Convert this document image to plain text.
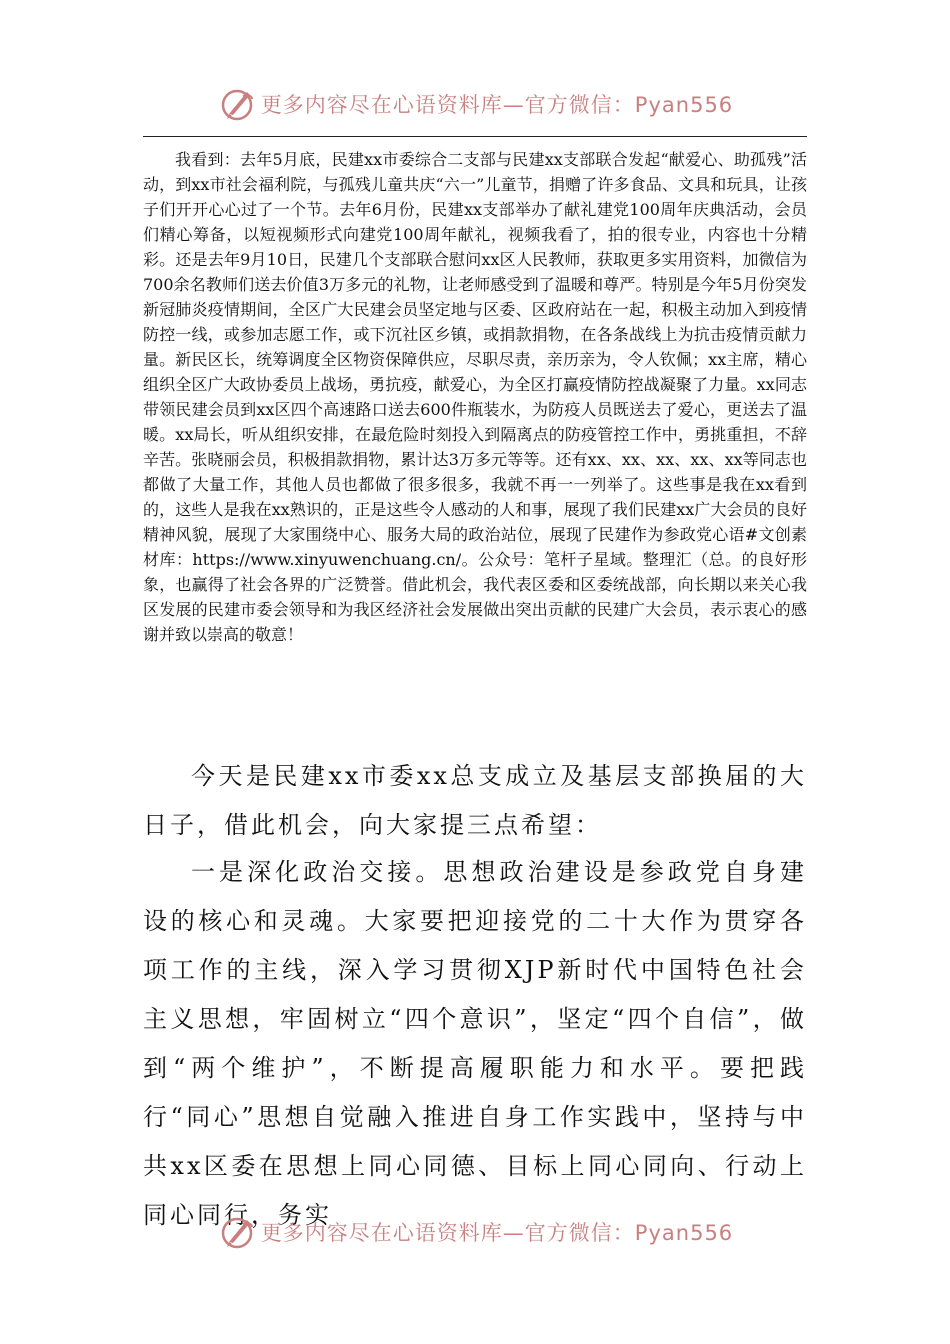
更多内容尽在心语资料库—官方微信：Pyan556

我看到：去年5月底，民建xx市委综合二支部与民建xx支部联合发起“献爱心、助孤残”活动，到xx市社会福利院，与孤残儿童共庆“六一”儿童节，捐赠了许多食品、文具和玩具，让孩子们开开心心过了一个节。去年6月份，民建xx支部举办了献礼建党100周年庆典活动，会员们精心筹备，以短视频形式向建党100周年献礼，视频我看了，拍的很专业，内容也十分精彩。还是去年9月10日，民建几个支部联合慰问xx区人民教师，获取更多实用资料，加微信为700余名教师们送去价值3万多元的礼物，让老师感受到了温暖和尊严。特别是今年5月份突发新冠肺炎疫情期间，全区广大民建会员坚定地与区委、区政府站在一起，积极主动加入到疫情防控一线，或参加志愿工作，或下沉社区乡镇，或捐款捐物，在各条战线上为抗击疫情贡献力量。新民区长，统筹调度全区物资保障供应，尽职尽责，亲历亲为，令人钦佩；xx主席，精心组织全区广大政协委员上战场，勇抗疫，献爱心，为全区打赢疫情防控战凝聚了力量。xx同志带领民建会员到xx区四个高速路口送去600件瓶装水，为防疫人员既送去了爱心，更送去了温暖。xx局长，听从组织安排，在最危险时刻投入到隔离点的防疫管控工作中，勇挑重担，不辞辛苦。张晓丽会员，积极捐款捐物，累计达3万多元等等。还有xx、xx、xx、xx、xx等同志也都做了大量工作，其他人员也都做了很多很多，我就不再一一列举了。这些事是我在xx看到的，这些人是我在xx熟识的，正是这些令人感动的人和事，展现了我们民建xx广大会员的良好精神风貌，展现了大家围绕中心、服务大局的政治站位，展现了民建作为参政党心语#文创素材库：https://www.xinyuwenchuang.cn/。公众号：笔杆子星域。整理汇（总。的良好形象，也赢得了社会各界的广泛赞誉。借此机会，我代表区委和区委统战部，向长期以来关心我区发展的民建市委会领导和为我区经济社会发展做出突出贡献的民建广大会员，表示衷心的感谢并致以崇高的敬意！

今天是民建xx市委xx总支成立及基层支部换届的大日子，借此机会，向大家提三点希望：

一是深化政治交接。思想政治建设是参政党自身建设的核心和灵魂。大家要把迎接党的二十大作为贯穿各项工作的主线，深入学习贯彻XJP新时代中国特色社会主义思想，牢固树立“四个意识”，坚定“四个自信”，做到“两个维护”，不断提高履职能力和水平。要把践行“同心”思想自觉融入推进自身工作实践中，坚持与中共xx区委在思想上同心同德、目标上同心同向、行动上同心同行，务实

更多内容尽在心语资料库—官方微信：Pyan556
